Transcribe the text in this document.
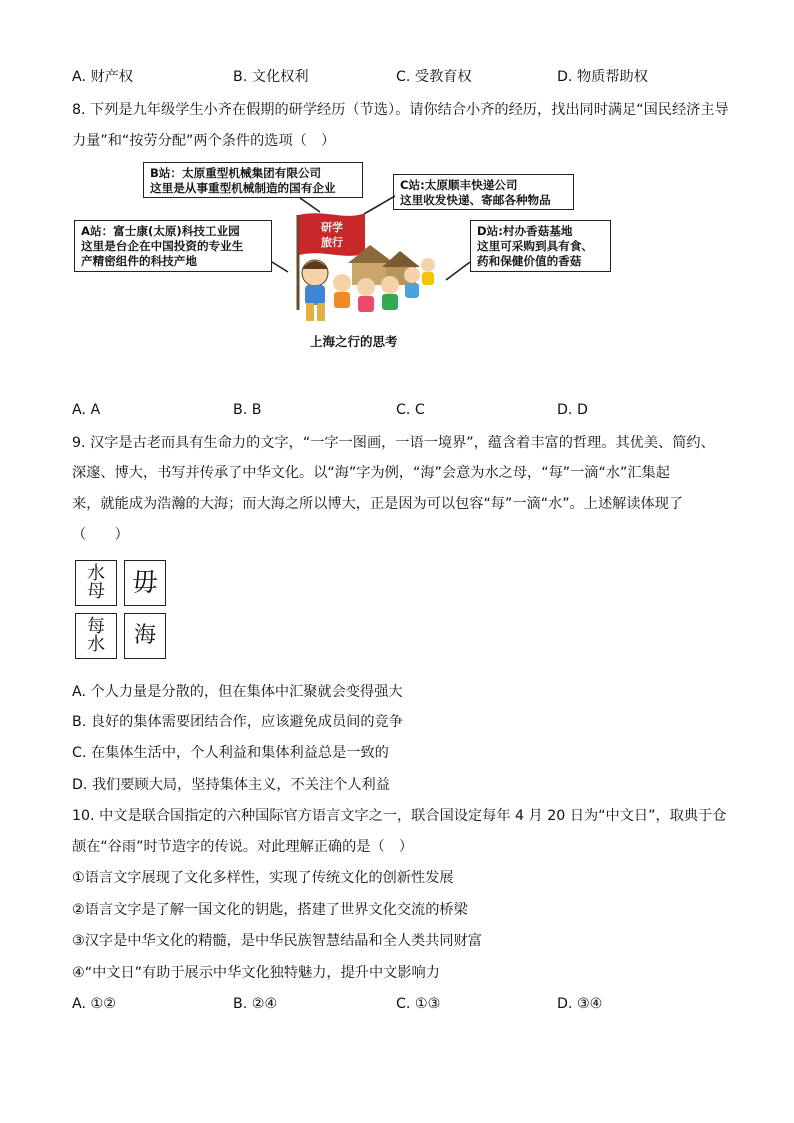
A. 财产权	B. 文化权利	C. 受教育权	D. 物质帮助权
8. 下列是九年级学生小齐在假期的研学经历（节选）。请你结合小齐的经历，找出同时满足“国民经济主导
力量”和“按劳分配”两个条件的选项（　）
B站：太原重型机械集团有限公司
这里是从事重型机械制造的国有企业	C站:太原顺丰快递公司
这里收发快递、寄邮各种物品
A站：富士康(太原)科技工业园
这里是台企在中国投资的专业生
产精密组件的科技产地
D站:村办香菇基地
这里可采购到具有食、
药和保健价值的香菇
研学
旅行
上海之行的思考
A. A	B. B	C. C	D. D
9. 汉字是古老而具有生命力的文字，“一字一图画，一语一境界”，蕴含着丰富的哲理。其优美、简约、
深邃、博大，书写并传承了中华文化。以“海”字为例，“海”会意为水之母，“每”一滴“水”汇集起
来，就能成为浩瀚的大海；而大海之所以博大，正是因为可以包容“每”一滴“水”。上述解读体现了
（　　）
水
母 毋
每
水 海
A. 个人力量是分散的，但在集体中汇聚就会变得强大
B. 良好的集体需要团结合作，应该避免成员间的竞争
C. 在集体生活中，个人利益和集体利益总是一致的
D. 我们要顾大局，坚持集体主义，不关注个人利益
10. 中文是联合国指定的六种国际官方语言文字之一，联合国设定每年 4 月 20 日为“中文日”，取典于仓
颉在“谷雨”时节造字的传说。对此理解正确的是（　）
①语言文字展现了文化多样性，实现了传统文化的创新性发展
②语言文字是了解一国文化的钥匙，搭建了世界文化交流的桥梁
③汉字是中华文化的精髓，是中华民族智慧结晶和全人类共同财富
④“中文日”有助于展示中华文化独特魅力，提升中文影响力
A. ①②	B. ②④	C. ①③	D. ③④
